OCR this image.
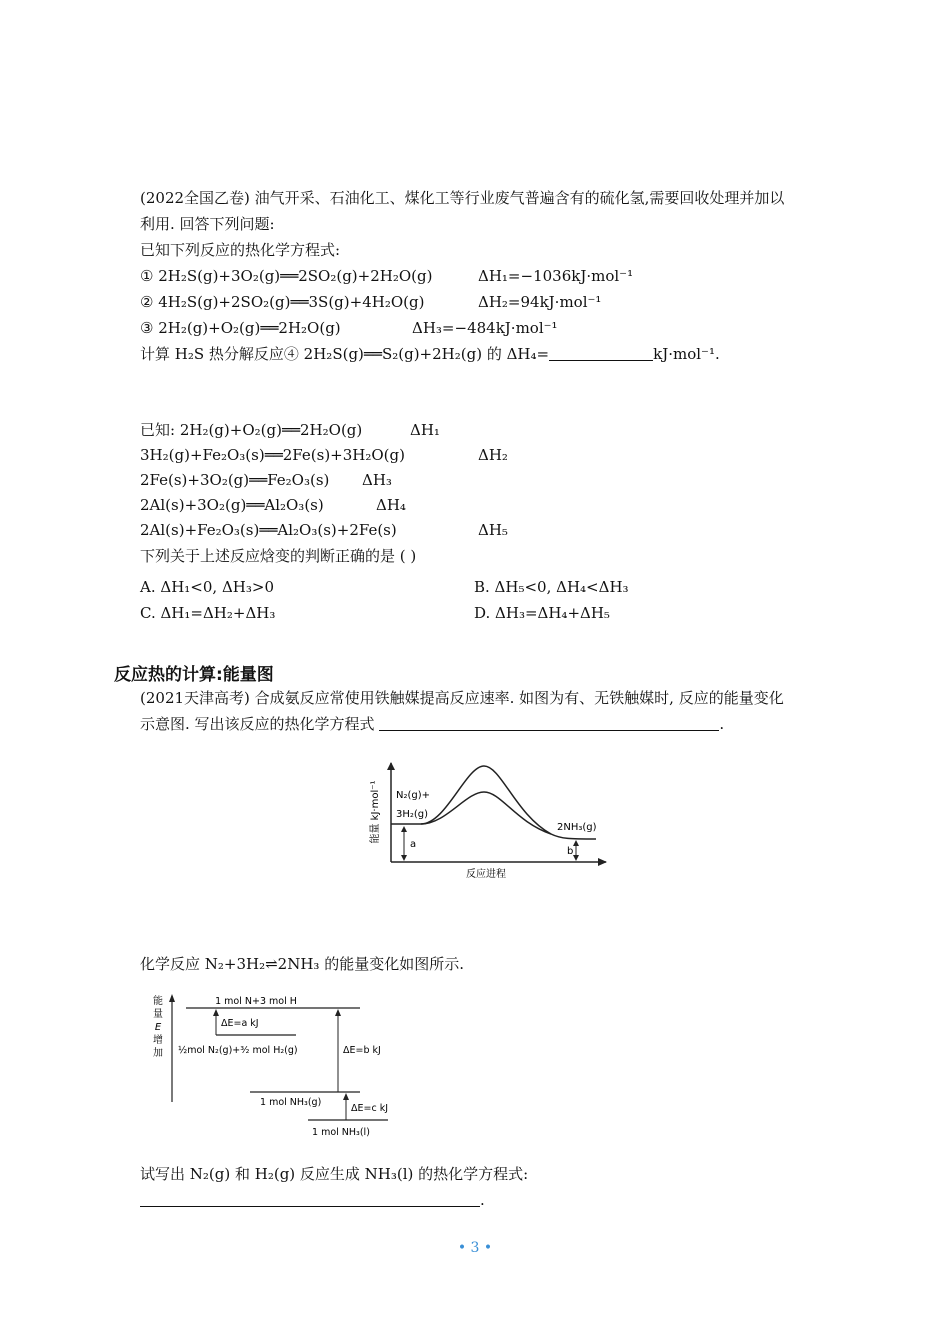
(2022全国乙卷) 油气开采、石油化工、煤化工等行业废气普遍含有的硫化氢,需要回收处理并加以
利用. 回答下列问题:
已知下列反应的热化学方程式:
① 2H₂S(g)+3O₂(g)══2SO₂(g)+2H₂O(g)	ΔH₁=−1036kJ·mol⁻¹
② 4H₂S(g)+2SO₂(g)══3S(g)+4H₂O(g)	ΔH₂=94kJ·mol⁻¹
③ 2H₂(g)+O₂(g)══2H₂O(g)	ΔH₃=−484kJ·mol⁻¹
计算 H₂S 热分解反应④ 2H₂S(g)══S₂(g)+2H₂(g) 的 ΔH₄=	kJ·mol⁻¹.
已知: 2H₂(g)+O₂(g)══2H₂O(g)	ΔH₁
3H₂(g)+Fe₂O₃(s)══2Fe(s)+3H₂O(g)	ΔH₂
2Fe(s)+3O₂(g)══Fe₂O₃(s) ΔH₃
2Al(s)+3O₂(g)══Al₂O₃(s)	ΔH₄
2Al(s)+Fe₂O₃(s)══Al₂O₃(s)+2Fe(s)	ΔH₅
下列关于上述反应焓变的判断正确的是 ( )
A. ΔH₁<0, ΔH₃>0	B. ΔH₅<0, ΔH₄<ΔH₃
C. ΔH₁=ΔH₂+ΔH₃	D. ΔH₃=ΔH₄+ΔH₅
反应热的计算:能量图
(2021天津高考) 合成氨反应常使用铁触媒提高反应速率. 如图为有、无铁触媒时, 反应的能量变化
示意图. 写出该反应的热化学方程式	.
能量 kJ·mol⁻¹ N₂(g)+
3H₂(g)
2NH₃(g)
a
b
反应进程
化学反应 N₂+3H₂⇌2NH₃ 的能量变化如图所示.
能
量
E
增
加
1 mol N+3 mol H
½mol N₂(g)+³⁄₂ mol H₂(g)
1 mol NH₃(g)
1 mol NH₃(l)
ΔE=a kJ
ΔE=b kJ
ΔE=c kJ
试写出 N₂(g) 和 H₂(g) 反应生成 NH₃(l) 的热化学方程式:
.
• 3 •
